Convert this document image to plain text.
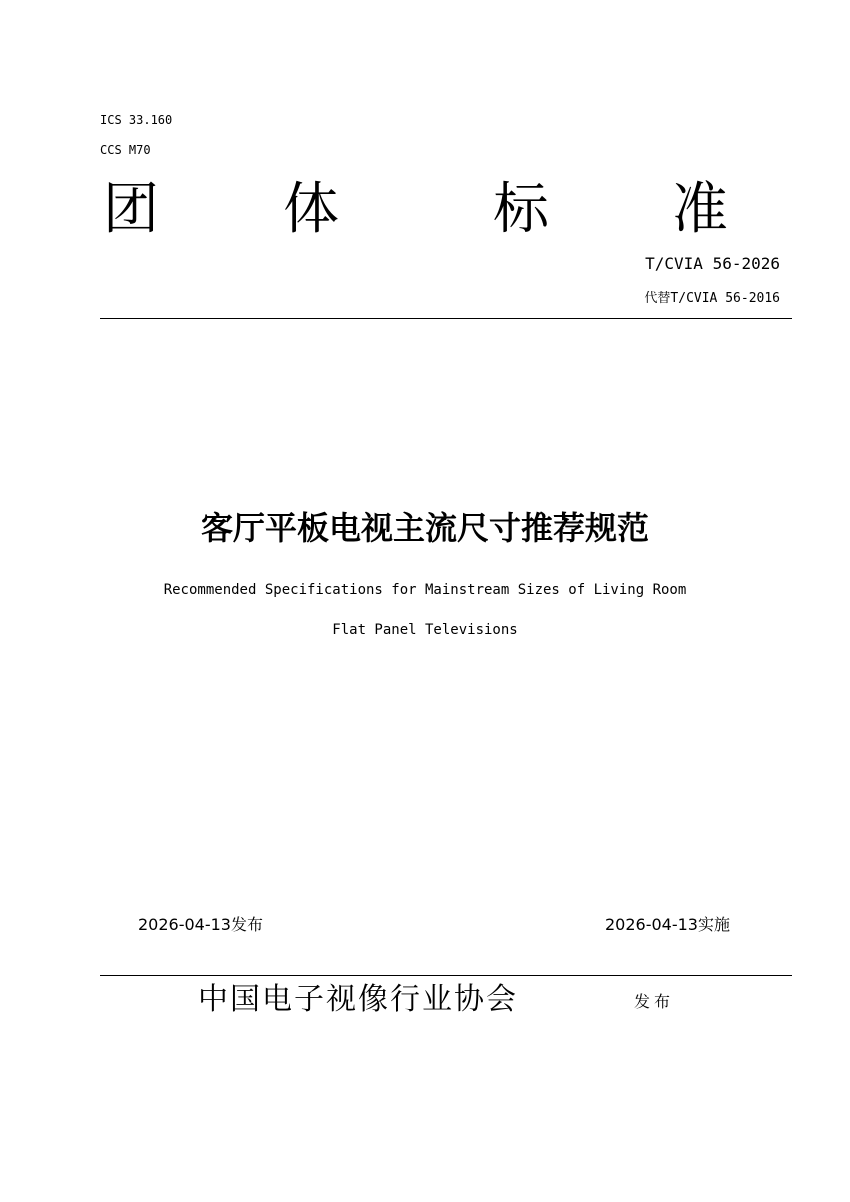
ICS 33.160
CCS M70
团 体	标 准
T/CVIA 56-2026
代替T/CVIA 56-2016
客厅平板电视主流尺寸推荐规范
Recommended Specifications for Mainstream Sizes of Living Room
Flat Panel Televisions
2026-04-13发布	2026-04-13实施
中国电子视像行业协会	发布
